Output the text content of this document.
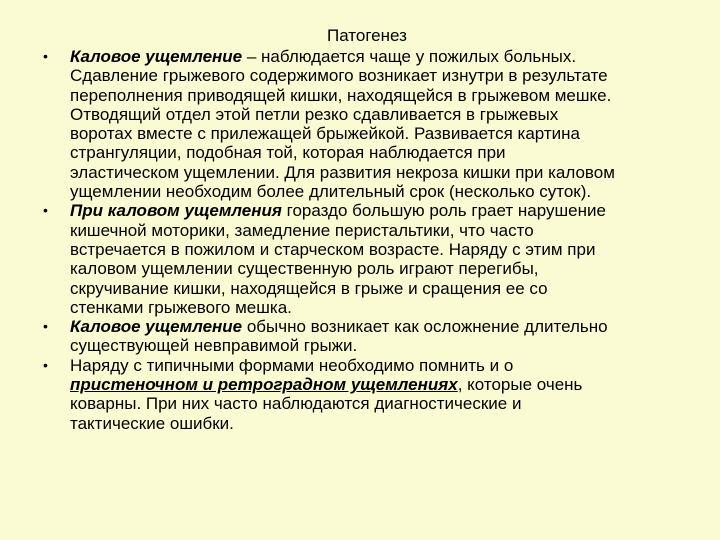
Патогенез
• Каловое ущемление – наблюдается чаще у пожилых больных.
Сдавление грыжевого содержимого возникает изнутри в результате
переполнения приводящей кишки, находящейся в грыжевом мешке.
Отводящий отдел этой петли резко сдавливается в грыжевых
воротах вместе с прилежащей брыжейкой. Развивается картина
странгуляции, подобная той, которая наблюдается при
эластическом ущемлении. Для развития некроза кишки при каловом
ущемлении необходим более длительный срок (несколько суток).
• При каловом ущемления гораздо большую роль грает нарушение
кишечной моторики, замедление перистальтики, что часто
встречается в пожилом и старческом возрасте. Наряду с этим при
каловом ущемлении существенную роль играют перегибы,
скручивание кишки, находящейся в грыже и сращения ее со
стенками грыжевого мешка.
• Каловое ущемление обычно возникает как осложнение длительно
существующей невправимой грыжи.
• Наряду с типичными формами необходимо помнить и о
пристеночном и ретроградном ущемлениях, которые очень
коварны. При них часто наблюдаются диагностические и
тактические ошибки.
